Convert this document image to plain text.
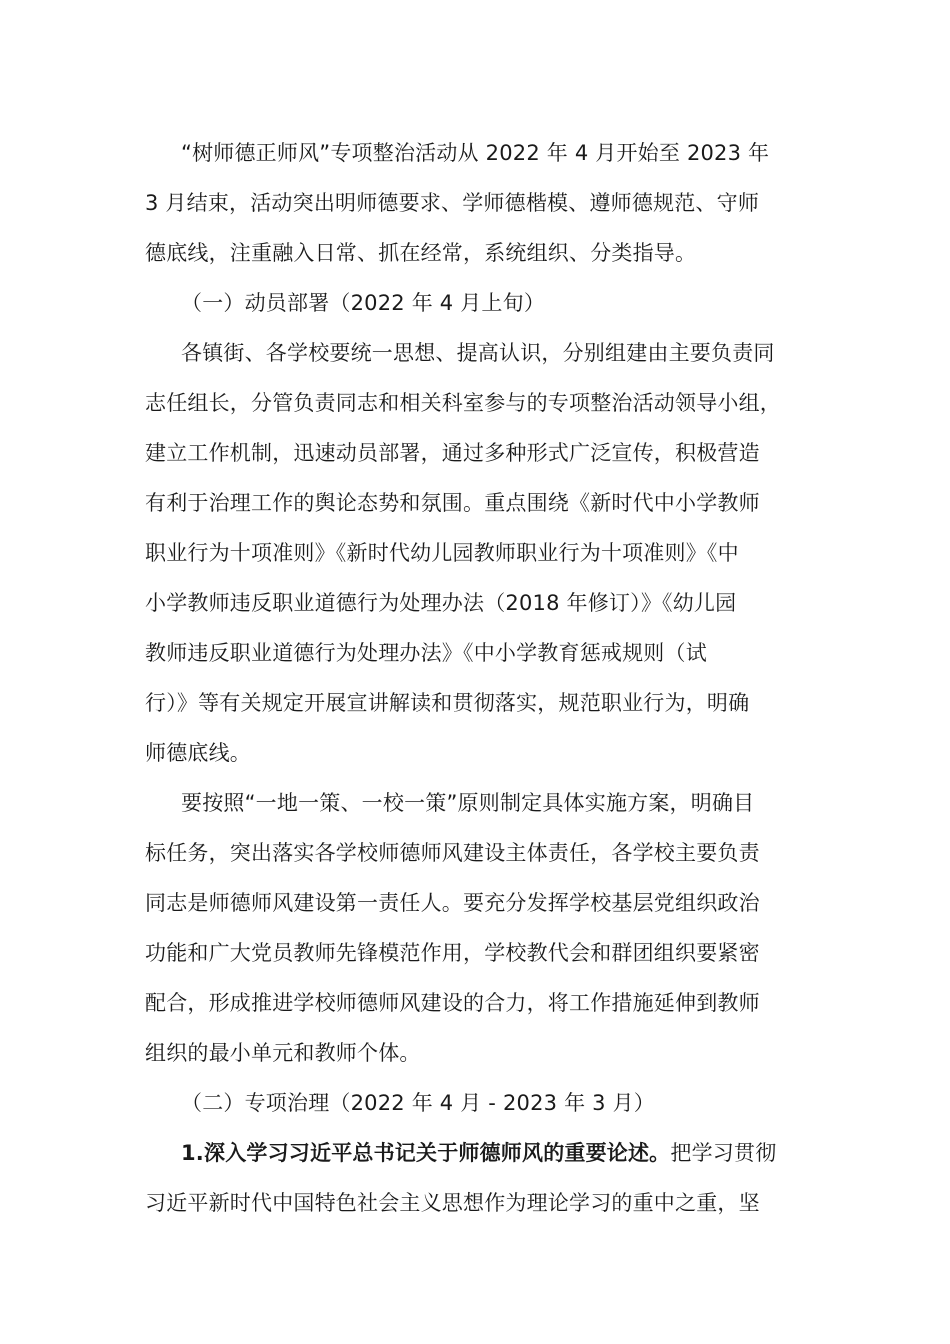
“树师德正师风”专项整治活动从 2022 年 4 月开始至 2023 年
3 月结束，活动突出明师德要求、学师德楷模、遵师德规范、守师
德底线，注重融入日常、抓在经常，系统组织、分类指导。
（一）动员部署（2022 年 4 月上旬）
各镇街、各学校要统一思想、提高认识，分别组建由主要负责同
志任组长，分管负责同志和相关科室参与的专项整治活动领导小组，
建立工作机制，迅速动员部署，通过多种形式广泛宣传，积极营造
有利于治理工作的舆论态势和氛围。重点围绕《新时代中小学教师
职业行为十项准则》《新时代幼儿园教师职业行为十项准则》《中
小学教师违反职业道德行为处理办法（2018 年修订）》《幼儿园
教师违反职业道德行为处理办法》《中小学教育惩戒规则（试
行）》等有关规定开展宣讲解读和贯彻落实，规范职业行为，明确
师德底线。
要按照“一地一策、一校一策”原则制定具体实施方案，明确目
标任务，突出落实各学校师德师风建设主体责任，各学校主要负责
同志是师德师风建设第一责任人。要充分发挥学校基层党组织政治
功能和广大党员教师先锋模范作用，学校教代会和群团组织要紧密
配合，形成推进学校师德师风建设的合力，将工作措施延伸到教师
组织的最小单元和教师个体。
（二）专项治理（2022 年 4 月 - 2023 年 3 月）
1.深入学习习近平总书记关于师德师风的重要论述。把学习贯彻
习近平新时代中国特色社会主义思想作为理论学习的重中之重，坚
